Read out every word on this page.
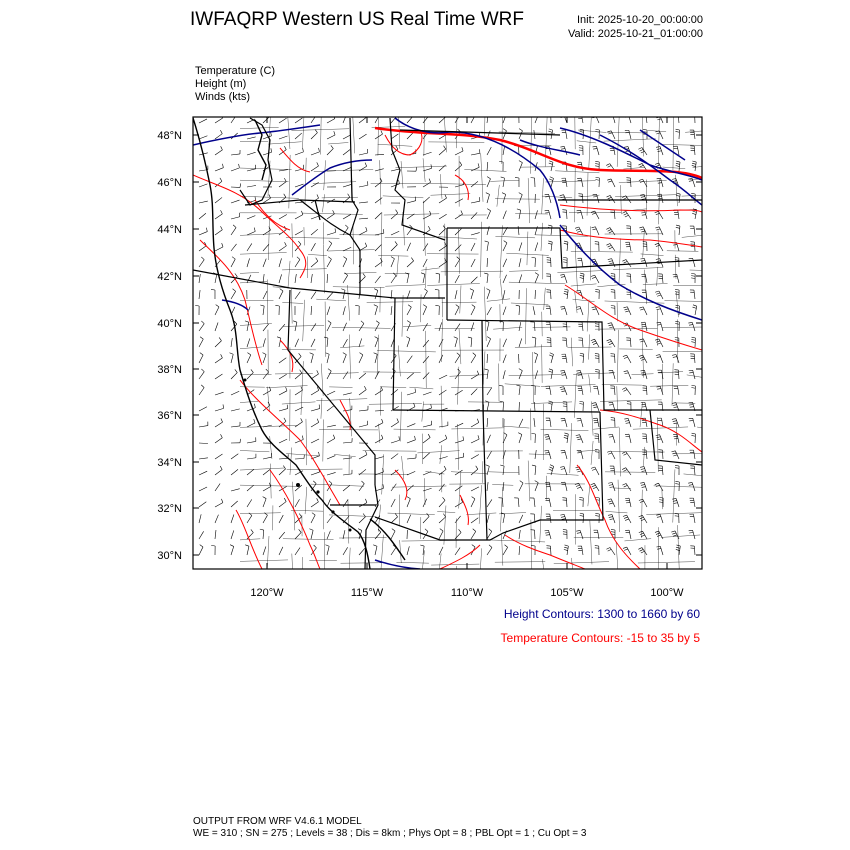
IWFAQRP Western US Real Time WRF	Init: 2025-10-20_00:00:00
Valid: 2025-10-21_01:00:00
Temperature (C)
Height (m)
Winds (kts)
48°N
46°N
44°N
42°N
40°N
38°N
36°N
34°N
32°N
30°N
120°W	115°W	110°W	105°W	100°W
Height Contours: 1300 to 1660 by 60
Temperature Contours: -15 to 35 by 5
OUTPUT FROM WRF V4.6.1 MODEL
WE = 310 ; SN = 275 ; Levels = 38 ; Dis = 8km ; Phys Opt = 8 ; PBL Opt = 1 ; Cu Opt = 3
